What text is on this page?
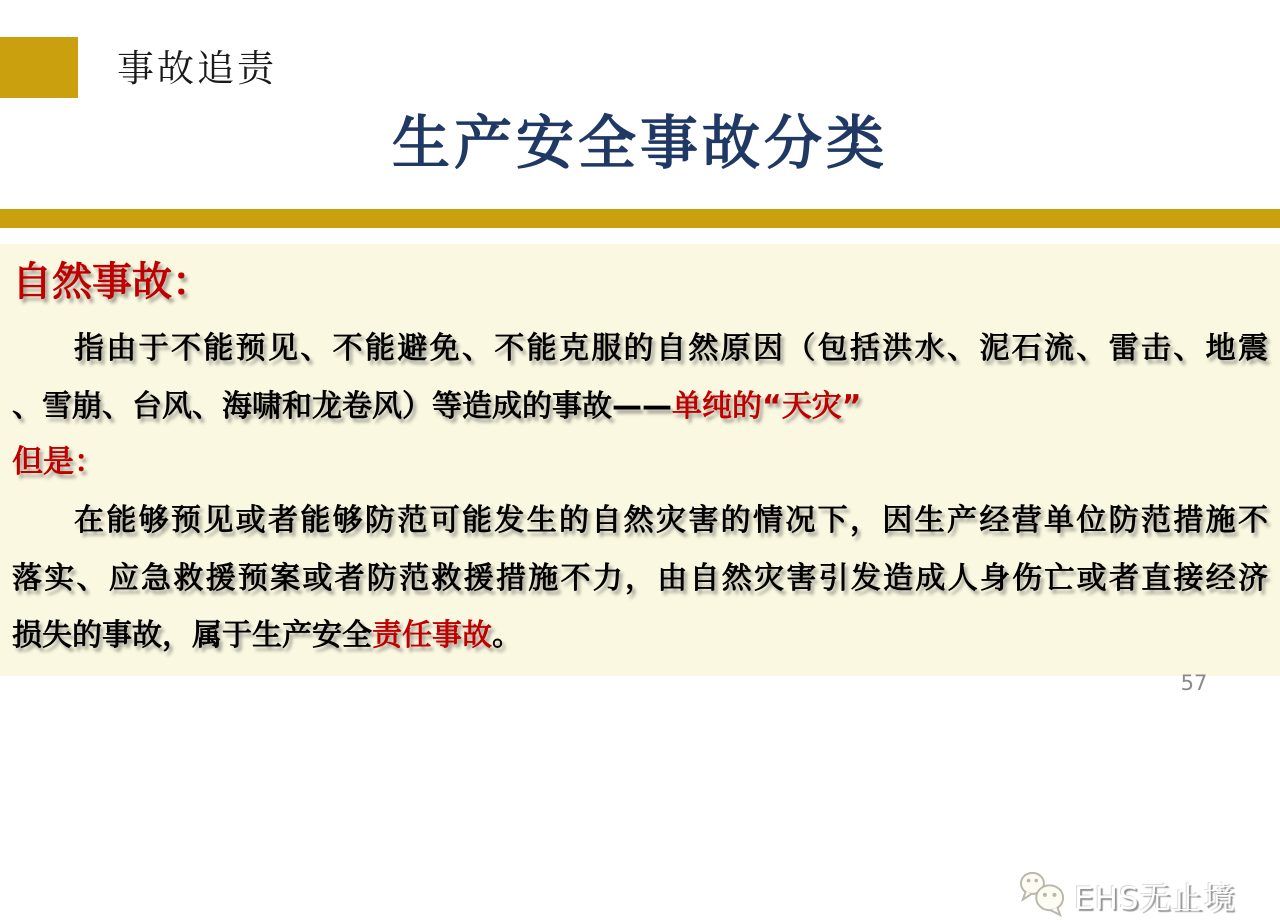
事故追责
生产安全事故分类
自然事故：
指由于不能预见、不能避免、不能克服的自然原因（包括洪水、泥石流、雷击、地震
、雪崩、台风、海啸和龙卷风）等造成的事故——单纯的“天灾”
但是：
在能够预见或者能够防范可能发生的自然灾害的情况下，因生产经营单位防范措施不
落实、应急救援预案或者防范救援措施不力，由自然灾害引发造成人身伤亡或者直接经济
损失的事故，属于生产安全责任事故。
EHS无止境
57
